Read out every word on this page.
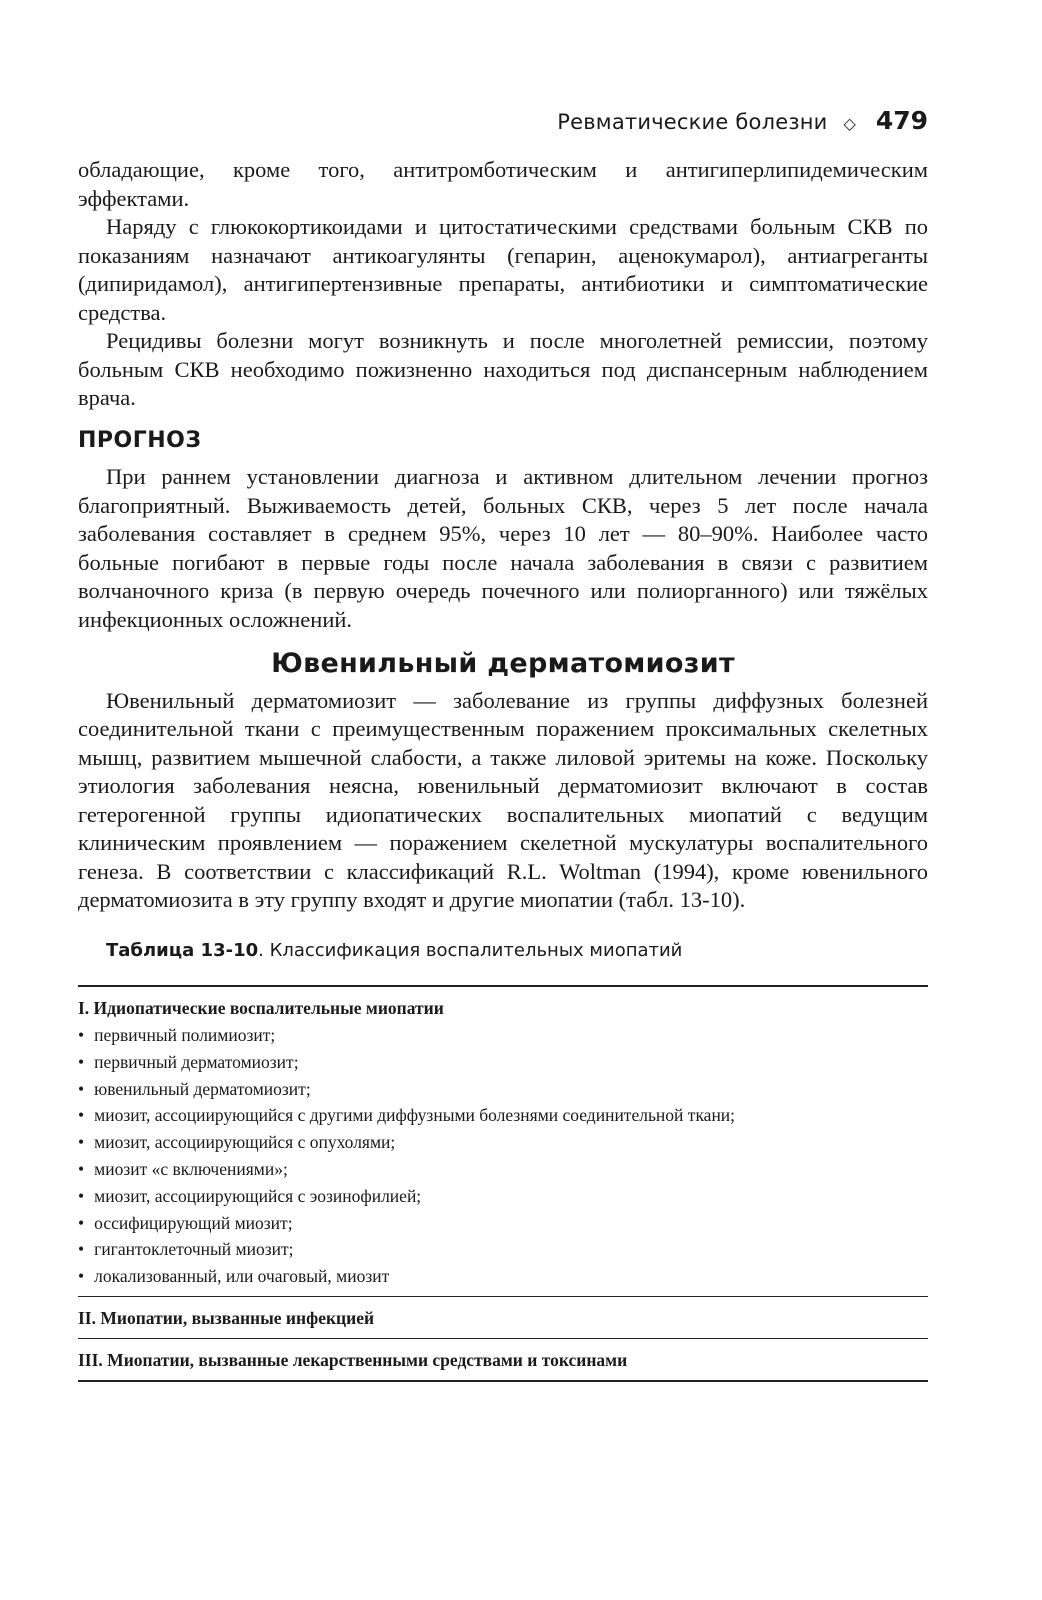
Ревматические болезни ◇ 479

обладающие, кроме того, антитромботическим и антигиперлипидемическим эффектами.

Наряду с глюкокортикоидами и цитостатическими средствами больным СКВ по показаниям назначают антикоагулянты (гепарин, аценокумарол), антиагреганты (дипиридамол), антигипертензивные препараты, антибиотики и симптоматические средства.

Рецидивы болезни могут возникнуть и после многолетней ремиссии, поэтому больным СКВ необходимо пожизненно находиться под диспансерным наблюдением врача.

ПРОГНОЗ

При раннем установлении диагноза и активном длительном лечении прогноз благоприятный. Выживаемость детей, больных СКВ, через 5 лет после начала заболевания составляет в среднем 95%, через 10 лет — 80–90%. Наиболее часто больные погибают в первые годы после начала заболевания в связи с развитием волчаночного криза (в первую очередь почечного или полиорганного) или тяжёлых инфекционных осложнений.

Ювенильный дерматомиозит

Ювенильный дерматомиозит — заболевание из группы диффузных болезней соединительной ткани с преимущественным поражением проксимальных скелетных мышц, развитием мышечной слабости, а также лиловой эритемы на коже. Поскольку этиология заболевания неясна, ювенильный дерматомиозит включают в состав гетерогенной группы идиопатических воспалительных миопатий с ведущим клиническим проявлением — поражением скелетной мускулатуры воспалительного генеза. В соответствии с классификаций R.L. Woltman (1994), кроме ювенильного дерматомиозита в эту группу входят и другие миопатии (табл. 13-10).

Таблица 13-10. Классификация воспалительных миопатий
I. Идиопатические воспалительные миопатии
• первичный полимиозит;
• первичный дерматомиозит;
• ювенильный дерматомиозит;
• миозит, ассоциирующийся с другими диффузными болезнями соединительной ткани;
• миозит, ассоциирующийся с опухолями;
• миозит «с включениями»;
• миозит, ассоциирующийся с эозинофилией;
• оссифицирующий миозит;
• гигантоклеточный миозит;
• локализованный, или очаговый, миозит
II. Миопатии, вызванные инфекцией
III. Миопатии, вызванные лекарственными средствами и токсинами
